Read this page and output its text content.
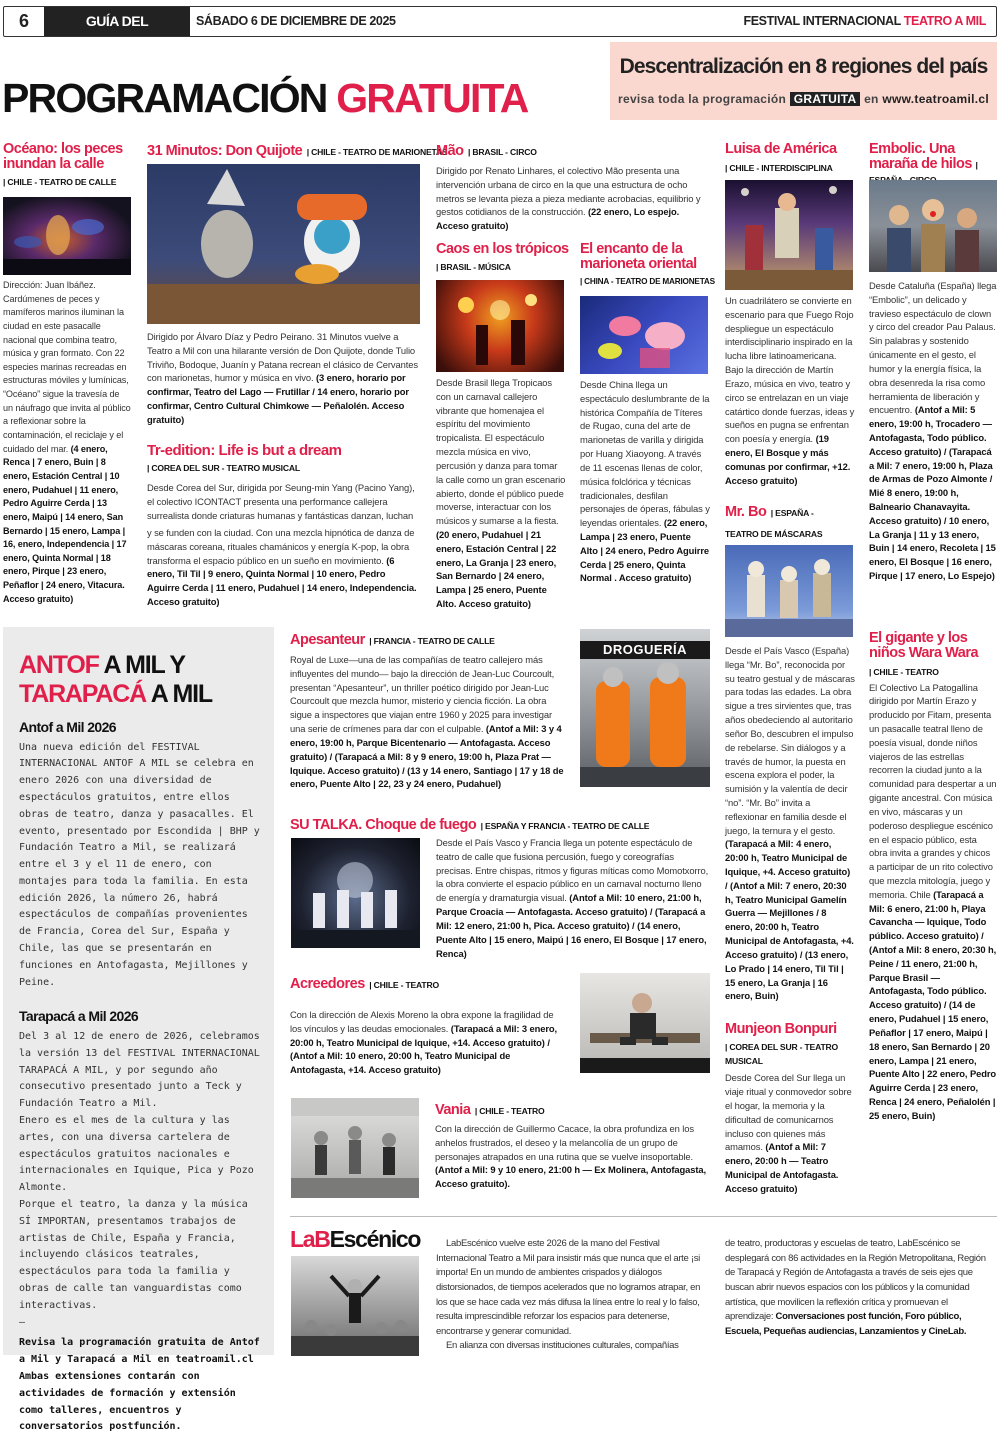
6	GUÍA DEL ESPECTADOR
SÁBADO 6 DE DICIEMBRE DE 2025	FESTIVAL INTERNACIONAL TEATRO A MIL
Descentralización en 8 regiones del país
revisa toda la programación GRATUITA en www.teatroamil.cl
PROGRAMACIÓN GRATUITA
Océano: los peces inundan la calle
| CHILE - TEATRO DE CALLE
Dirección: Juan Ibáñez. Cardúmenes de peces y mamíferos marinos iluminan la ciudad en este pasacalle nacional que combina teatro, música y gran formato. Con 22 especies marinas recreadas en estructuras móviles y lumínicas, “Océano” sigue la travesía de un náufrago que invita al público a reflexionar sobre la contaminación, el reciclaje y el cuidado del mar. (4 enero, Renca | 7 enero, Buin | 8 enero, Estación Central | 10 enero, Pudahuel | 11 enero, Pedro Aguirre Cerda | 13 enero, Maipú | 14 enero, San Bernardo | 15 enero, Lampa | 16, enero, Independencia | 17 enero, Quinta Normal | 18 enero, Pirque | 23 enero, Peñaflor | 24 enero, Vitacura. Acceso gratuito)
31 Minutos: Don Quijote | CHILE - TEATRO DE MARIONETAS
Dirigido por Álvaro Díaz y Pedro Peirano. 31 Minutos vuelve a Teatro a Mil con una hilarante versión de Don Quijote, donde Tulio Triviño, Bodoque, Juanín y Patana recrean el clásico de Cervantes con marionetas, humor y música en vivo. (3 enero, horario por confirmar, Teatro del Lago — Frutillar / 14 enero, horario por confirmar, Centro Cultural Chimkowe — Peñalolén. Acceso gratuito)
Tr-edition: Life is but a dream
| COREA DEL SUR - TEATRO MUSICAL
Desde Corea del Sur, dirigida por Seung-min Yang (Pacino Yang), el colectivo ICONTACT presenta una performance callejera surrealista donde criaturas humanas y fantásticas danzan, luchan
y se funden con la ciudad. Con una mezcla hipnótica de danza de máscaras coreana, rituales chamánicos y energía K-pop, la obra transforma el espacio público en un sueño en movimiento. (6 enero, Til Til | 9 enero, Quinta Normal | 10 enero, Pedro Aguirre Cerda | 11 enero, Pudahuel | 14 enero, Independencia. Acceso gratuito)
Mão | BRASIL - CIRCO
Dirigido por Renato Linhares, el colectivo Mão presenta una intervención urbana de circo en la que una estructura de ocho metros se levanta pieza a pieza mediante acrobacias, equilibrio y gestos cotidianos de la construcción. (22 enero, Lo espejo. Acceso gratuito)
Caos en los trópicos
| BRASIL - MÚSICA
Desde Brasil llega Tropicaos con un carnaval callejero vibrante que homenajea el espíritu del movimiento tropicalista. El espectáculo mezcla música en vivo, percusión y danza para tomar la calle como un gran escenario abierto, donde el público puede moverse, interactuar con los músicos y sumarse a la fiesta. (20 enero, Pudahuel | 21 enero, Estación Central | 22 enero, La Granja | 23 enero, San Bernardo | 24 enero, Lampa | 25 enero, Puente Alto. Acceso gratuito)
El encanto de la marioneta oriental
| CHINA - TEATRO DE MARIONETAS
Desde China llega un espectáculo deslumbrante de la histórica Compañía de Títeres de Rugao, cuna del arte de marionetas de varilla y dirigida por Huang Xiaoyong. A través de 11 escenas llenas de color, música folclórica y técnicas tradicionales, desfilan personajes de óperas, fábulas y leyendas orientales. (22 enero, Lampa | 23 enero, Puente Alto | 24 enero, Pedro Aguirre Cerda | 25 enero, Quinta Normal . Acceso gratuito)
Luisa de América
| CHILE - INTERDISCIPLINA
Un cuadrilátero se convierte en escenario para que Fuego Rojo despliegue un espectáculo interdisciplinario inspirado en la lucha libre latinoamericana. Bajo la dirección de Martín Erazo, música en vivo, teatro y circo se entrelazan en un viaje catártico donde fuerzas, ideas y sueños en pugna se enfrentan con poesía y energía. (19 enero, El Bosque y más comunas por confirmar, +12. Acceso gratuito)
Mr. Bo | ESPAÑA -
TEATRO DE MÁSCARAS
Desde el País Vasco (España) llega “Mr. Bo”, reconocida por su teatro gestual y de máscaras para todas las edades. La obra sigue a tres sirvientes que, tras años obedeciendo al autoritario señor Bo, descubren el impulso de rebelarse. Sin diálogos y a través de humor, la puesta en escena explora el poder, la sumisión y la valentía de decir “no”. “Mr. Bo” invita a reflexionar en familia desde el juego, la ternura y el gesto. (Tarapacá a Mil: 4 enero, 20:00 h, Teatro Municipal de Iquique, +4. Acceso gratuito) / (Antof a Mil: 7 enero, 20:30 h, Teatro Municipal Gamelín Guerra — Mejillones / 8 enero, 20:00 h, Teatro Municipal de Antofagasta, +4. Acceso gratuito) / (13 enero, Lo Prado | 14 enero, Til Til | 15 enero, La Granja | 16 enero, Buin)
Munjeon Bonpuri
| COREA DEL SUR - TEATRO MUSICAL
Desde Corea del Sur llega un viaje ritual y conmovedor sobre el hogar, la memoria y la dificultad de comunicarnos incluso con quienes más amamos. (Antof a Mil: 7 enero, 20:00 h — Teatro Municipal de Antofagasta. Acceso gratuito)
Embolic. Una maraña de hilos |
Desde Cataluña (España) llega “Embolic”, un delicado y travieso espectáculo de clown y circo del creador Pau Palaus. Sin palabras y sostenido únicamente en el gesto, el humor y la energía física, la obra desenreda la risa como herramienta de liberación y encuentro. (Antof a Mil: 5 enero, 19:00 h, Trocadero — Antofagasta, Todo público. Acceso gratuito) / (Tarapacá a Mil: 7 enero, 19:00 h, Plaza de Armas de Pozo Almonte / Mié 8 enero, 19:00 h, Balneario Chanavayita. Acceso gratuito) / 10 enero, La Granja | 11 y 13 enero, Buin | 14 enero, Recoleta | 15 enero, El Bosque | 16 enero, Pirque | 17 enero, Lo Espejo)
El gigante y los niños Wara Wara
| CHILE - TEATRO
El Colectivo La Patogallina dirigido por Martín Erazo y producido por Fitam, presenta un pasacalle teatral lleno de poesía visual, donde niños viajeros de las estrellas recorren la ciudad junto a la comunidad para despertar a un gigante ancestral. Con música en vivo, máscaras y un poderoso despliegue escénico en el espacio público, esta obra invita a grandes y chicos a participar de un rito colectivo que mezcla mitología, juego y memoria. Chile (Tarapacá a Mil: 6 enero, 21:00 h, Playa Cavancha — Iquique, Todo público. Acceso gratuito) / (Antof a Mil: 8 enero, 20:30 h, Peine / 11 enero, 21:00 h, Parque Brasil — Antofagasta, Todo público. Acceso gratuito) / (14 de enero, Pudahuel | 15 enero, Peñaflor | 17 enero, Maipú | 18 enero, San Bernardo | 20 enero, Lampa | 21 enero, Puente Alto | 22 enero, Pedro Aguirre Cerda | 23 enero, Renca | 24 enero, Peñalolén | 25 enero, Buin)
ANTOF A MIL Y
TARAPACÁ A MIL
Antof a Mil 2026

Una nueva edición del FESTIVAL INTERNACIONAL ANTOF A MIL se celebra en enero 2026 con una diversidad de espectáculos gratuitos, entre ellos obras de teatro, danza y pasacalles. El evento, presentado por Escondida | BHP y Fundación Teatro a Mil, se realizará entre el 3 y el 11 de enero, con montajes para toda la familia. En esta edición 2026, la número 26, habrá espectáculos de compañías provenientes de Francia, Corea del Sur, España y Chile, las que se presentarán en funciones en Antofagasta, Mejillones y Peine.

Tarapacá a Mil 2026

Del 3 al 12 de enero de 2026, celebramos la versión 13 del FESTIVAL INTERNACIONAL TARAPACÁ A MIL, y por segundo año consecutivo presentado junto a Teck y Fundación Teatro a Mil.

Enero es el mes de la cultura y las artes, con una diversa cartelera de espectáculos gratuitos nacionales e internacionales en Iquique, Pica y Pozo Almonte.

Porque el teatro, la danza y la música SÍ IMPORTAN, presentamos trabajos de artistas de Chile, España y Francia, incluyendo clásicos teatrales, espectáculos para toda la familia y obras de calle tan vanguardistas como interactivas.

–

Revisa la programación gratuita de Antof a Mil y Tarapacá a Mil en teatroamil.cl Ambas extensiones contarán con actividades de formación y extensión como talleres, encuentros y conversatorios postfunción.

Apesanteur | FRANCIA - TEATRO DE CALLE
Royal de Luxe—una de las compañías de teatro callejero más influyentes del mundo— bajo la dirección de Jean-Luc Courcoult, presentan “Apesanteur”, un thriller poético dirigido por Jean-Luc Courcoult que mezcla humor, misterio y ciencia ficción. La obra sigue a inspectores que viajan entre 1960 y 2025 para investigar una serie de crímenes para dar con el culpable. (Antof a Mil: 3 y 4 enero, 19:00 h, Parque Bicentenario — Antofagasta. Acceso gratuito) / (Tarapacá a Mil: 8 y 9 enero, 19:00 h, Plaza Prat — Iquique. Acceso gratuito) / (13 y 14 enero, Santiago | 17 y 18 de enero, Puente Alto | 22, 23 y 24 enero, Pudahuel)
DROGUERÍA
SU TALKA. Choque de fuego | ESPAÑA Y FRANCIA - TEATRO DE CALLE
Desde el País Vasco y Francia llega un potente espectáculo de teatro de calle que fusiona percusión, fuego y coreografías precisas. Entre chispas, ritmos y figuras míticas como Momotxorro, la obra convierte el espacio público en un carnaval nocturno lleno de energía y dramaturgia visual. (Antof a Mil: 10 enero, 21:00 h, Parque Croacia — Antofagasta. Acceso gratuito) / (Tarapacá a Mil: 12 enero, 21:00 h, Pica. Acceso gratuito) / (14 enero, Puente Alto | 15 enero, Maipú | 16 enero, El Bosque | 17 enero, Renca)
Acreedores | CHILE - TEATRO
Con la dirección de Alexis Moreno la obra expone la fragilidad de los vínculos y las deudas emocionales. (Tarapacá a Mil: 3 enero, 20:00 h, Teatro Municipal de Iquique, +14. Acceso gratuito) / (Antof a Mil: 10 enero, 20:00 h, Teatro Municipal de Antofagasta, +14. Acceso gratuito)
Vania | CHILE - TEATRO
Con la dirección de Guillermo Cacace, la obra profundiza en los anhelos frustrados, el deseo y la melancolía de un grupo de personajes atrapados en una rutina que se vuelve insoportable. (Antof a Mil: 9 y 10 enero, 21:00 h — Ex Molinera, Antofagasta, Acceso gratuito).
LaBEscénico	LabEscénico vuelve este 2026 de la mano del Festival Internacional Teatro a Mil para insistir más que nunca que el arte ¡si importa! En un mundo de ambientes crispados y diálogos distorsionados, de tiempos acelerados que no logramos atrapar, en los que se hace cada vez más difusa la línea entre lo real y lo falso, resulta imprescindible reforzar los espacios para detenerse, encontrarse y generar comunidad.

En alianza con diversas instituciones culturales, compañías

de teatro, productoras y escuelas de teatro, LabEscénico se desplegará con 86 actividades en la Región Metropolitana, Región de Tarapacá y Región de Antofagasta a través de seis ejes que buscan abrir nuevos espacios con los públicos y la comunidad artística, que movilicen la reflexión crítica y promuevan el aprendizaje: Conversaciones post función, Foro público, Escuela, Pequeñas audiencias, Lanzamientos y CineLab.
